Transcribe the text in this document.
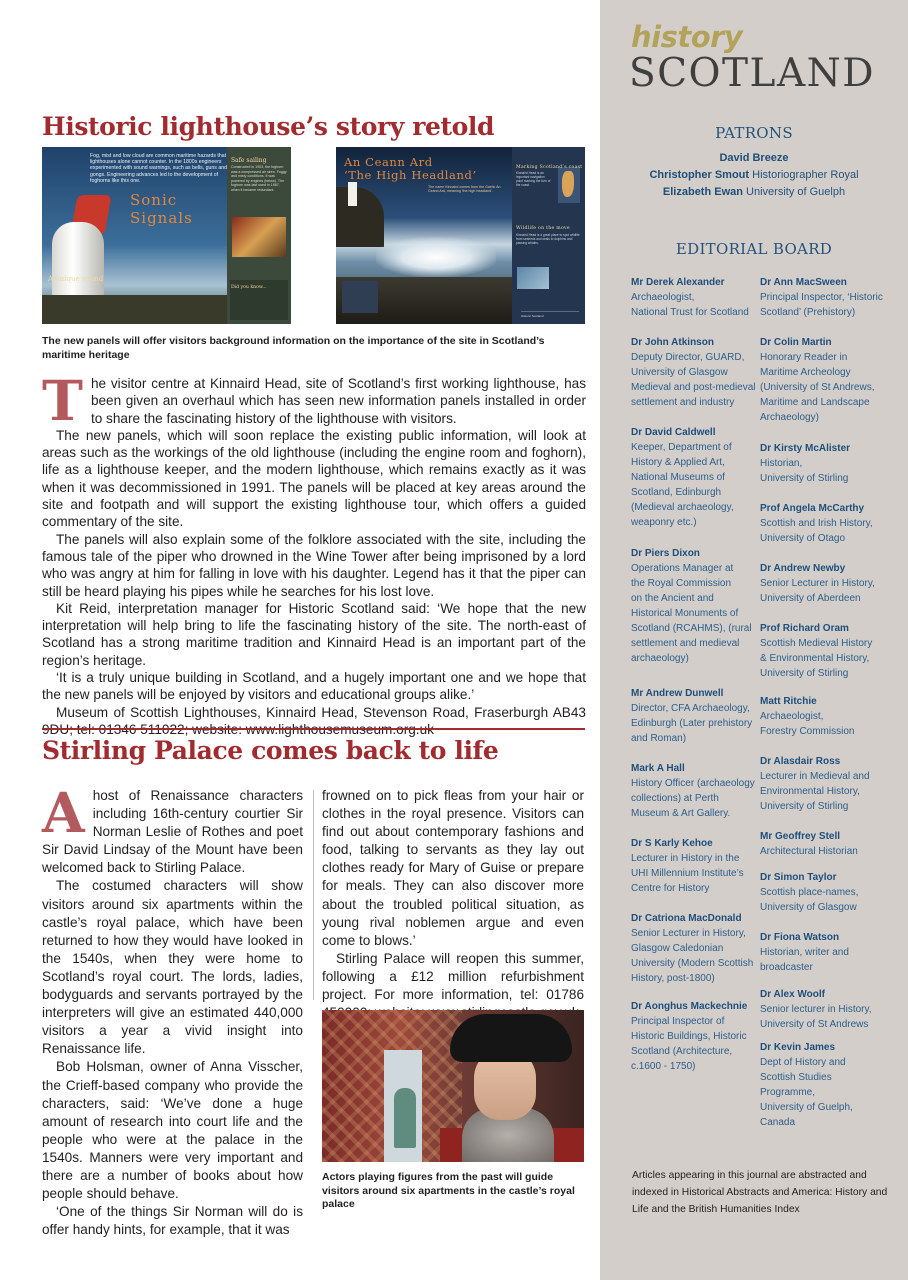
Historic lighthouse’s story retold
Fog, mist and low cloud are common maritime hazards that lighthouses alone cannot counter. In the 1800s engineers experimented with sound warnings, such as bells, guns and gongs. Engineering advances led to the development of foghorns like this one.
Sonic
Signals
A unique sound
Safe sailing
Constructed in 1903, the foghorn was a compressed air siren. Foggy and misty conditions. It was powered by engines (below). The foghorn was last used in 1987, when it became redundant.
Did you know...
An Ceann Ard
‘The High Headland’
The name Kinnaird comes from the Gaelic An Ceann Ard, meaning ‘the high headland’.
Marking Scotland’s coast
Kinnaird Head is an important navigation point marking the turn of the coast.
Wildlife on the move
Kinnaird Head is a great place to spot wildlife from seabirds and seals to dolphins and passing whales.
Historic Scotland
The new panels will offer visitors background information on the importance of the site in Scotland’s maritime heritage

The visitor centre at Kinnaird Head, site of Scotland’s first working lighthouse, has been given an overhaul which has seen new information panels installed in order to share the fascinating history of the lighthouse with visitors.

The new panels, which will soon replace the existing public information, will look at areas such as the workings of the old lighthouse (including the engine room and foghorn), life as a lighthouse keeper, and the modern lighthouse, which remains exactly as it was when it was decommissioned in 1991. The panels will be placed at key areas around the site and footpath and will support the existing lighthouse tour, which offers a guided commentary of the site.

The panels will also explain some of the folklore associated with the site, including the famous tale of the piper who drowned in the Wine Tower after being imprisoned by a lord who was angry at him for falling in love with his daughter. Legend has it that the piper can still be heard playing his pipes while he searches for his lost love.

Kit Reid, interpretation manager for Historic Scotland said: ‘We hope that the new interpretation will help bring to life the fascinating history of the site. The north-east of Scotland has a strong maritime tradition and Kinnaird Head is an important part of the region’s heritage.

‘It is a truly unique building in Scotland, and a hugely important one and we hope that the new panels will be enjoyed by visitors and educational groups alike.’

Museum of Scottish Lighthouses, Kinnaird Head, Stevenson Road, Fraserburgh AB43

Stirling Palace comes back to life

Ahost of Renaissance characters including 16th-century courtier Sir Norman Leslie of Rothes and poet Sir David Lindsay of the Mount have been welcomed back to Stirling Palace.

The costumed characters will show visitors around six apartments within the castle’s royal palace, which have been returned to how they would have looked in the 1540s, when they were home to Scotland’s royal court. The lords, ladies, bodyguards and servants portrayed by the interpreters will give an estimated 440,000 visitors a year a vivid insight into Renaissance life.

Bob Holsman, owner of Anna Visscher, the Crieff-based company who provide the characters, said: ‘We’ve done a huge amount of research into court life and the people who were at the palace in the 1540s. Manners were very important and there are a number of books about how people should behave.

‘One of the things Sir Norman will do is offer handy hints, for example, that it was

frowned on to pick fleas from your hair or clothes in the royal presence. Visitors can find out about contemporary fashions and food, talking to servants as they lay out clothes ready for Mary of Guise or prepare for meals. They can also discover more about the troubled political situation, as young rival noblemen argue and even come to blows.’

Stirling Palace will reopen this summer, following a £12 million refurbishment project. For more information, tel: 01786

Actors playing figures from the past will guide visitors around six apartments in the castle’s royal palace
history
SCOTLAND
PATRONS
David Breeze
Christopher Smout Historiographer Royal
Elizabeth Ewan University of Guelph
EDITORIAL BOARD
Mr Derek Alexander
Archaeologist,
National Trust for Scotland
Dr John Atkinson
Deputy Director, GUARD,
University of Glasgow
Medieval and post-medieval
settlement and industry
Dr David Caldwell
Keeper, Department of
History & Applied Art,
National Museums of
Scotland, Edinburgh
(Medieval archaeology,
weaponry etc.)
Dr Piers Dixon
Operations Manager at
the Royal Commission
on the Ancient and
Historical Monuments of
Scotland (RCAHMS), (rural
settlement and medieval
archaeology)
Mr Andrew Dunwell
Director, CFA Archaeology,
Edinburgh (Later prehistory
and Roman)
Mark A Hall
History Officer (archaeology
collections) at Perth
Museum & Art Gallery.
Dr S Karly Kehoe
Lecturer in History in the
UHI Millennium Institute’s
Centre for History
Dr Catriona MacDonald
Senior Lecturer in History,
Glasgow Caledonian
University (Modern Scottish
History, post-1800)
Dr Aonghus Mackechnie
Principal Inspector of
Historic Buildings, Historic
Scotland (Architecture,
c.1600 - 1750)
Dr Ann MacSween
Principal Inspector, ‘Historic
Scotland’ (Prehistory)
Dr Colin Martin
Honorary Reader in
Maritime Archeology
(University of St Andrews,
Maritime and Landscape
Archaeology)
Dr Kirsty McAlister
Historian,
University of Stirling
Prof Angela McCarthy
Scottish and Irish History,
University of Otago
Dr Andrew Newby
Senior Lecturer in History,
University of Aberdeen
Prof Richard Oram
Scottish Medieval History
& Environmental History,
University of Stirling
Matt Ritchie
Archaeologist,
Forestry Commission
Dr Alasdair Ross
Lecturer in Medieval and
Environmental History,
University of Stirling
Mr Geoffrey Stell
Architectural Historian
Dr Simon Taylor
Scottish place-names,
University of Glasgow
Dr Fiona Watson
Historian, writer and
broadcaster
Dr Alex Woolf
Senior lecturer in History,
University of St Andrews
Dr Kevin James
Dept of History and
Scottish Studies
Programme,
University of Guelph,
Canada
Articles appearing in this journal are abstracted and indexed in Historical Abstracts and America: History and Life and the British Humanities Index
